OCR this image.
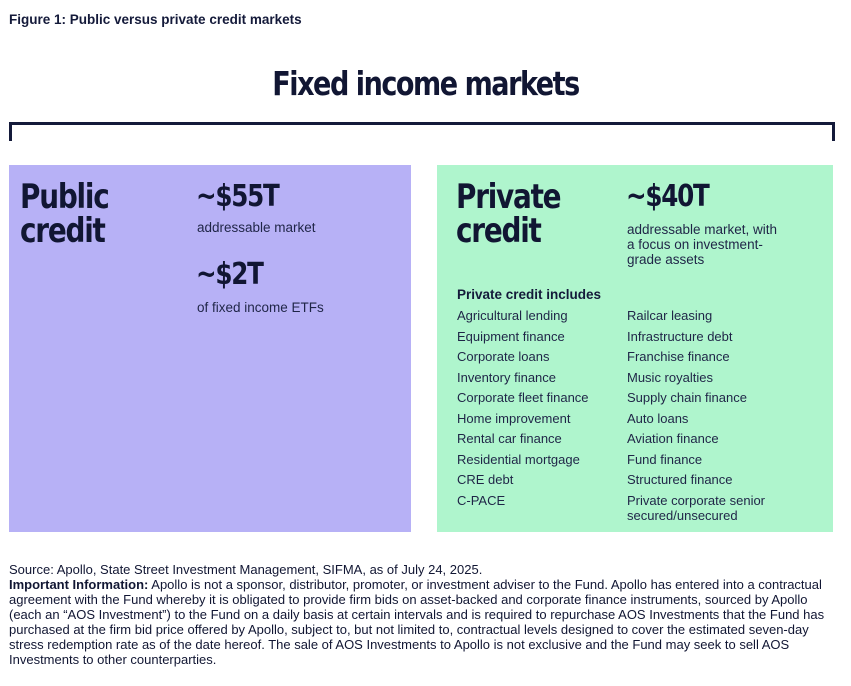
Figure 1: Public versus private credit markets
Fixed income markets
Public
credit
~$55T
addressable market
~$2T
of fixed income ETFs
Private
credit
~$40T
addressable market, with
a focus on investment-
grade assets
Private credit includes
Agricultural lending
Equipment finance
Corporate loans
Inventory finance
Corporate fleet finance
Home improvement
Rental car finance
Residential mortgage
CRE debt
C-PACE
Railcar leasing
Infrastructure debt
Franchise finance
Music royalties
Supply chain finance
Auto loans
Aviation finance
Fund finance
Structured finance
Private corporate senior secured/unsecured
Source: Apollo, State Street Investment Management, SIFMA, as of July 24, 2025.
Important Information: Apollo is not a sponsor, distributor, promoter, or investment adviser to the Fund. Apollo has entered into a contractual agreement with the Fund whereby it is obligated to provide firm bids on asset-backed and corporate finance instruments, sourced by Apollo (each an “AOS Investment”) to the Fund on a daily basis at certain intervals and is required to repurchase AOS Investments that the Fund has purchased at the firm bid price offered by Apollo, subject to, but not limited to, contractual levels designed to cover the estimated seven-day stress redemption rate as of the date hereof. The sale of AOS Investments to Apollo is not exclusive and the Fund may seek to sell AOS Investments to other counterparties.
